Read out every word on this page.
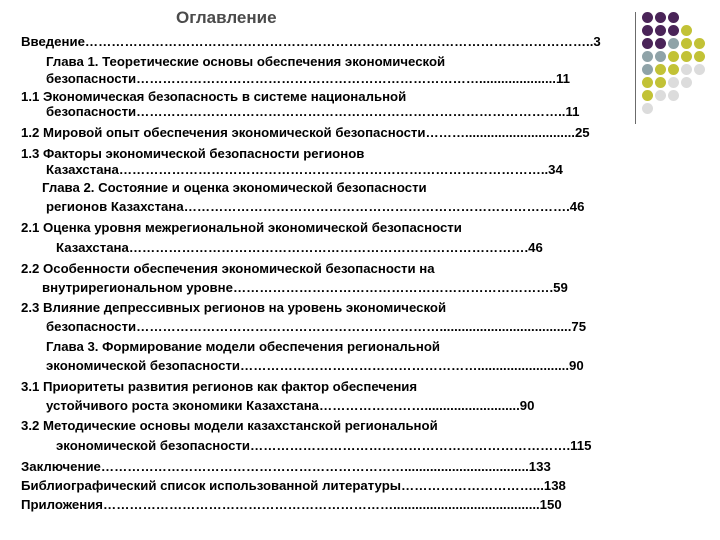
Оглавление
Введение……………………………………………………………………………………………………..3
Глава 1. Теоретические основы обеспечения экономической
безопасности…………………………………………………………………….....................11
1.1 Экономическая безопасность в системе национальной
безопасности……………………………………………………………………………………..11
1.2 Мировой опыт обеспечения экономической безопасности………..............................25
1.3 Факторы экономической безопасности регионов
Казахстана……………………………………………………………………………………..34
Глава 2. Состояние и оценка экономической безопасности
регионов Казахстана…………………………………………………………………………….46
2.1 Оценка уровня межрегиональной экономической безопасности
Казахстана……………………………………………………………………………….46
2.2 Особенности обеспечения экономической безопасности на
внутрирегиональном уровне……………………………………………………………….59
2.3 Влияние депрессивных регионов на уровень экономической
безопасности……………………………………………………………....................................75
Глава 3. Формирование модели обеспечения региональной
экономической безопасности……………………………………………….........................90
3.1 Приоритеты развития регионов как фактор обеспечения
устойчивого роста экономики Казахстана……………………..........................90
3.2 Методические основы модели казахстанской региональной
экономической безопасности……………………………………………………………….115
Заключение……………………………………………………………..................................133
Библиографический список использованной литературы…………………………...138
Приложения…………………………………………………………........................................150
